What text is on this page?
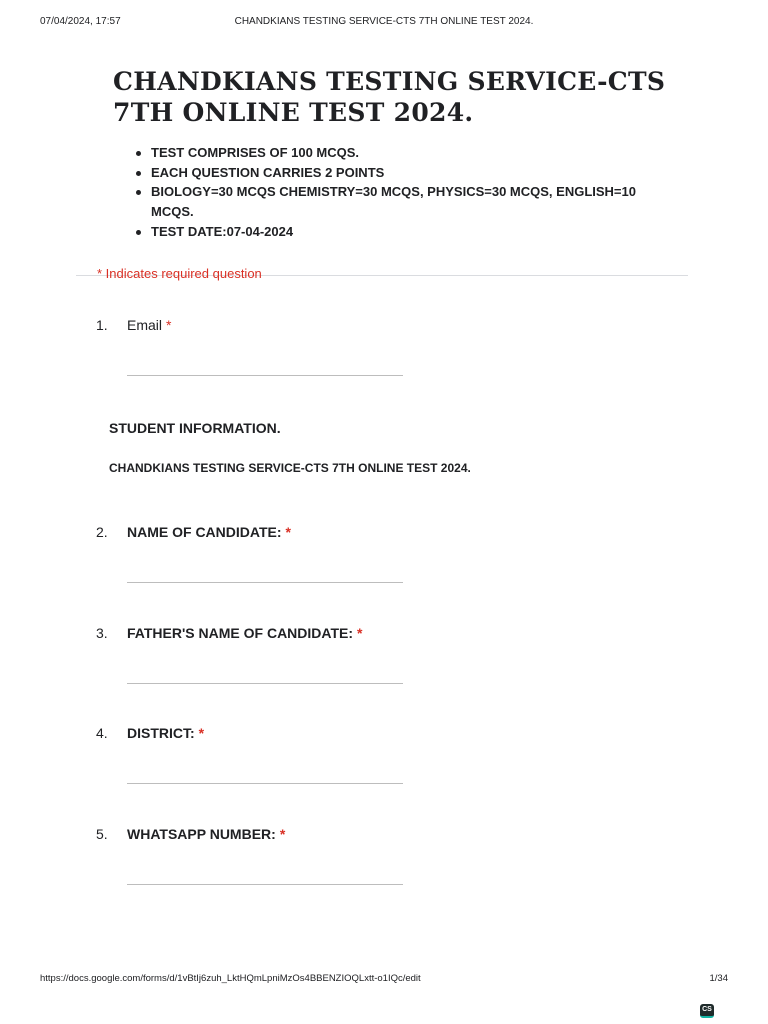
07/04/2024, 17:57	CHANDKIANS TESTING SERVICE-CTS 7TH ONLINE TEST 2024.
CHANDKIANS TESTING SERVICE-CTS
7TH ONLINE TEST 2024.
TEST COMPRISES OF 100 MCQS.
EACH QUESTION CARRIES 2 POINTS
BIOLOGY=30 MCQS CHEMISTRY=30 MCQS, PHYSICS=30 MCQS, ENGLISH=10 MCQS.
TEST DATE:07-04-2024
* Indicates required question
1. Email *
STUDENT INFORMATION.
CHANDKIANS TESTING SERVICE-CTS 7TH ONLINE TEST 2024.
2. NAME OF CANDIDATE: *
3. FATHER'S NAME OF CANDIDATE: *
4. DISTRICT: *
5. WHATSAPP NUMBER: *
https://docs.google.com/forms/d/1vBtIj6zuh_LktHQmLpniMzOs4BBENZIOQLxtt-o1IQc/edit	1/34
CS
